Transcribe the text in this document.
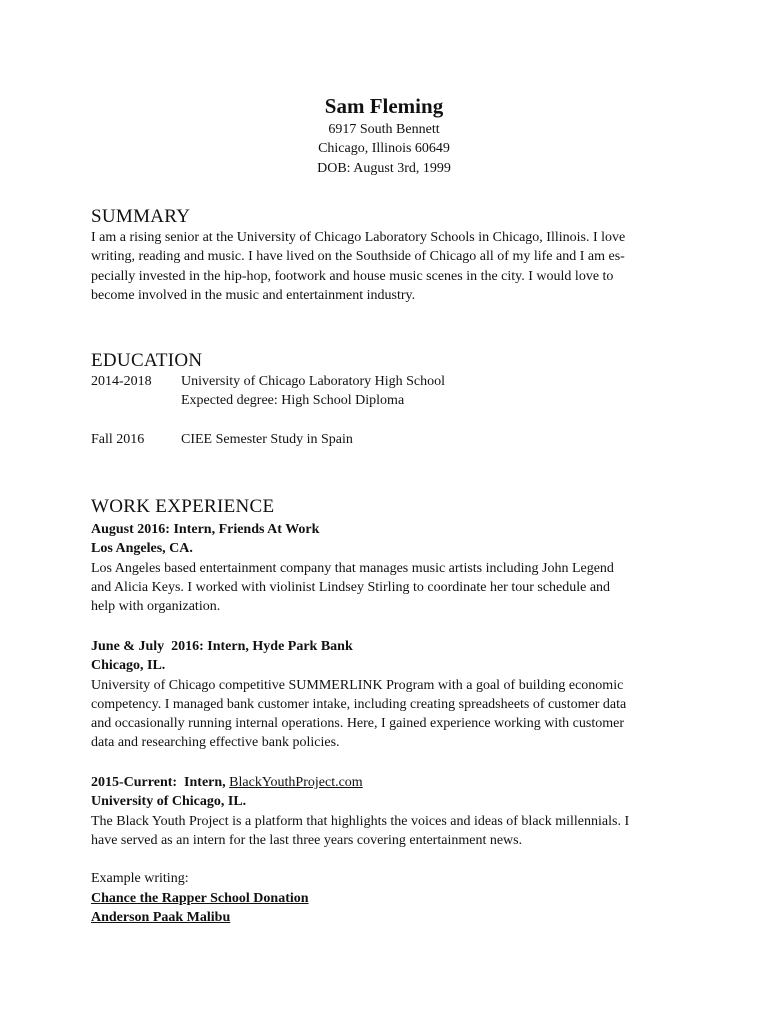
Sam Fleming
6917 South Bennett
Chicago, Illinois 60649
DOB: August 3rd, 1999
SUMMARY
I am a rising senior at the University of Chicago Laboratory Schools in Chicago, Illinois. I love
writing, reading and music. I have lived on the Southside of Chicago all of my life and I am es-
pecially invested in the hip-hop, footwork and house music scenes in the city. I would love to
become involved in the music and entertainment industry.
EDUCATION
2014-2018	University of Chicago Laboratory High School
Expected degree: High School Diploma
Fall 2016	CIEE Semester Study in Spain
WORK EXPERIENCE
August 2016: Intern, Friends At Work
Los Angeles, CA.
Los Angeles based entertainment company that manages music artists including John Legend
and Alicia Keys. I worked with violinist Lindsey Stirling to coordinate her tour schedule and
help with organization.
June & July  2016: Intern, Hyde Park Bank
Chicago, IL.
University of Chicago competitive SUMMERLINK Program with a goal of building economic
competency. I managed bank customer intake, including creating spreadsheets of customer data
and occasionally running internal operations. Here, I gained experience working with customer
data and researching effective bank policies.
2015-Current:  Intern, BlackYouthProject.com
University of Chicago, IL.
The Black Youth Project is a platform that highlights the voices and ideas of black millennials. I
have served as an intern for the last three years covering entertainment news.
Example writing:
Chance the Rapper School Donation
Anderson Paak Malibu
